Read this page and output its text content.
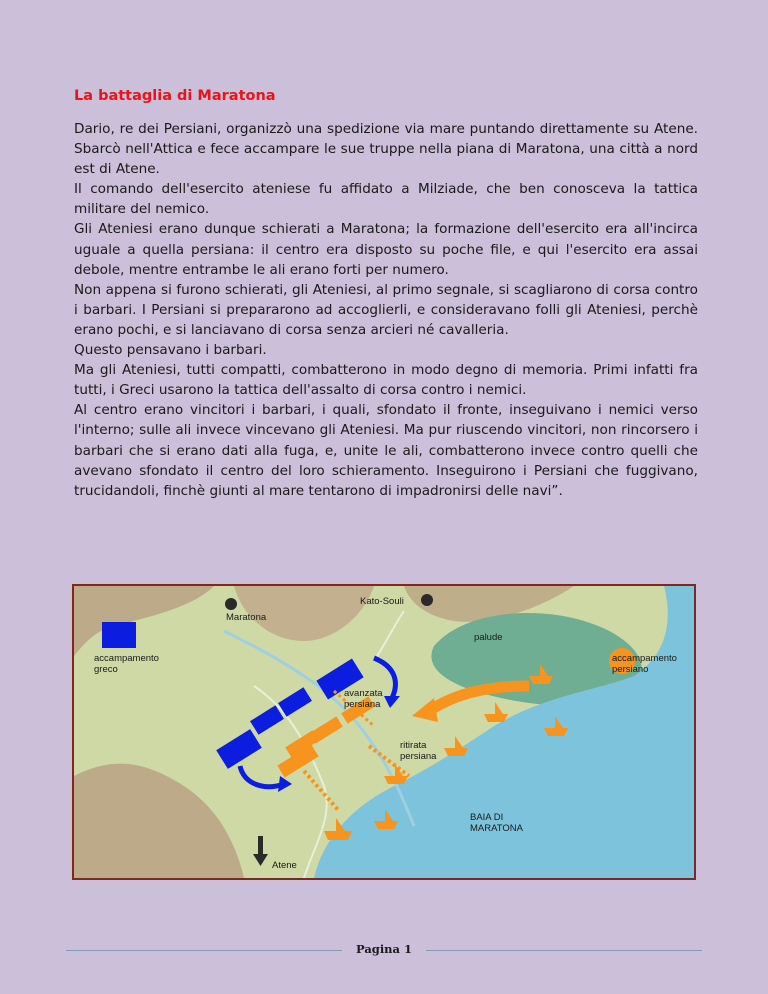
La battaglia di Maratona

Dario, re dei Persiani, organizzò una spedizione via mare puntando direttamente su Atene. Sbarcò nell'Attica e fece accampare le sue truppe nella piana di Maratona, una città a nord est di Atene.

Il comando dell'esercito ateniese fu affidato a Milziade, che ben conosceva la tattica militare del nemico.

Gli Ateniesi erano dunque schierati a Maratona; la formazione dell'esercito era all'incirca uguale a quella persiana: il centro era disposto su poche file, e qui l'esercito era assai debole, mentre entrambe le ali erano forti per numero.

Non appena si furono schierati, gli Ateniesi, al primo segnale, si scagliarono di corsa contro i barbari. I Persiani si prepararono ad accoglierli, e consideravano folli gli Ateniesi, perchè erano pochi, e si lanciavano di corsa senza arcieri né cavalleria.

Questo pensavano i barbari.

Ma gli Ateniesi, tutti compatti, combatterono in modo degno di memoria. Primi infatti fra tutti, i Greci usarono la tattica dell'assalto di corsa contro i nemici.

Al centro erano vincitori i barbari, i quali, sfondato il fronte, inseguivano i nemici verso l'interno; sulle ali invece vincevano gli Ateniesi. Ma pur riuscendo vincitori, non rincorsero i barbari che si erano dati alla fuga, e, unite le ali, combatterono invece contro quelli che avevano sfondato il centro del loro schieramento. Inseguirono i Persiani che fuggivano, trucidandoli, finchè giunti al mare tentarono di impadronirsi delle navi”.

Maratona
Kato-Souli
palude
accampamento greco
accampamento persiano
avanzata persiana
ritirata persiana
BAIA DI MARATONA
Atene
Pagina 1
